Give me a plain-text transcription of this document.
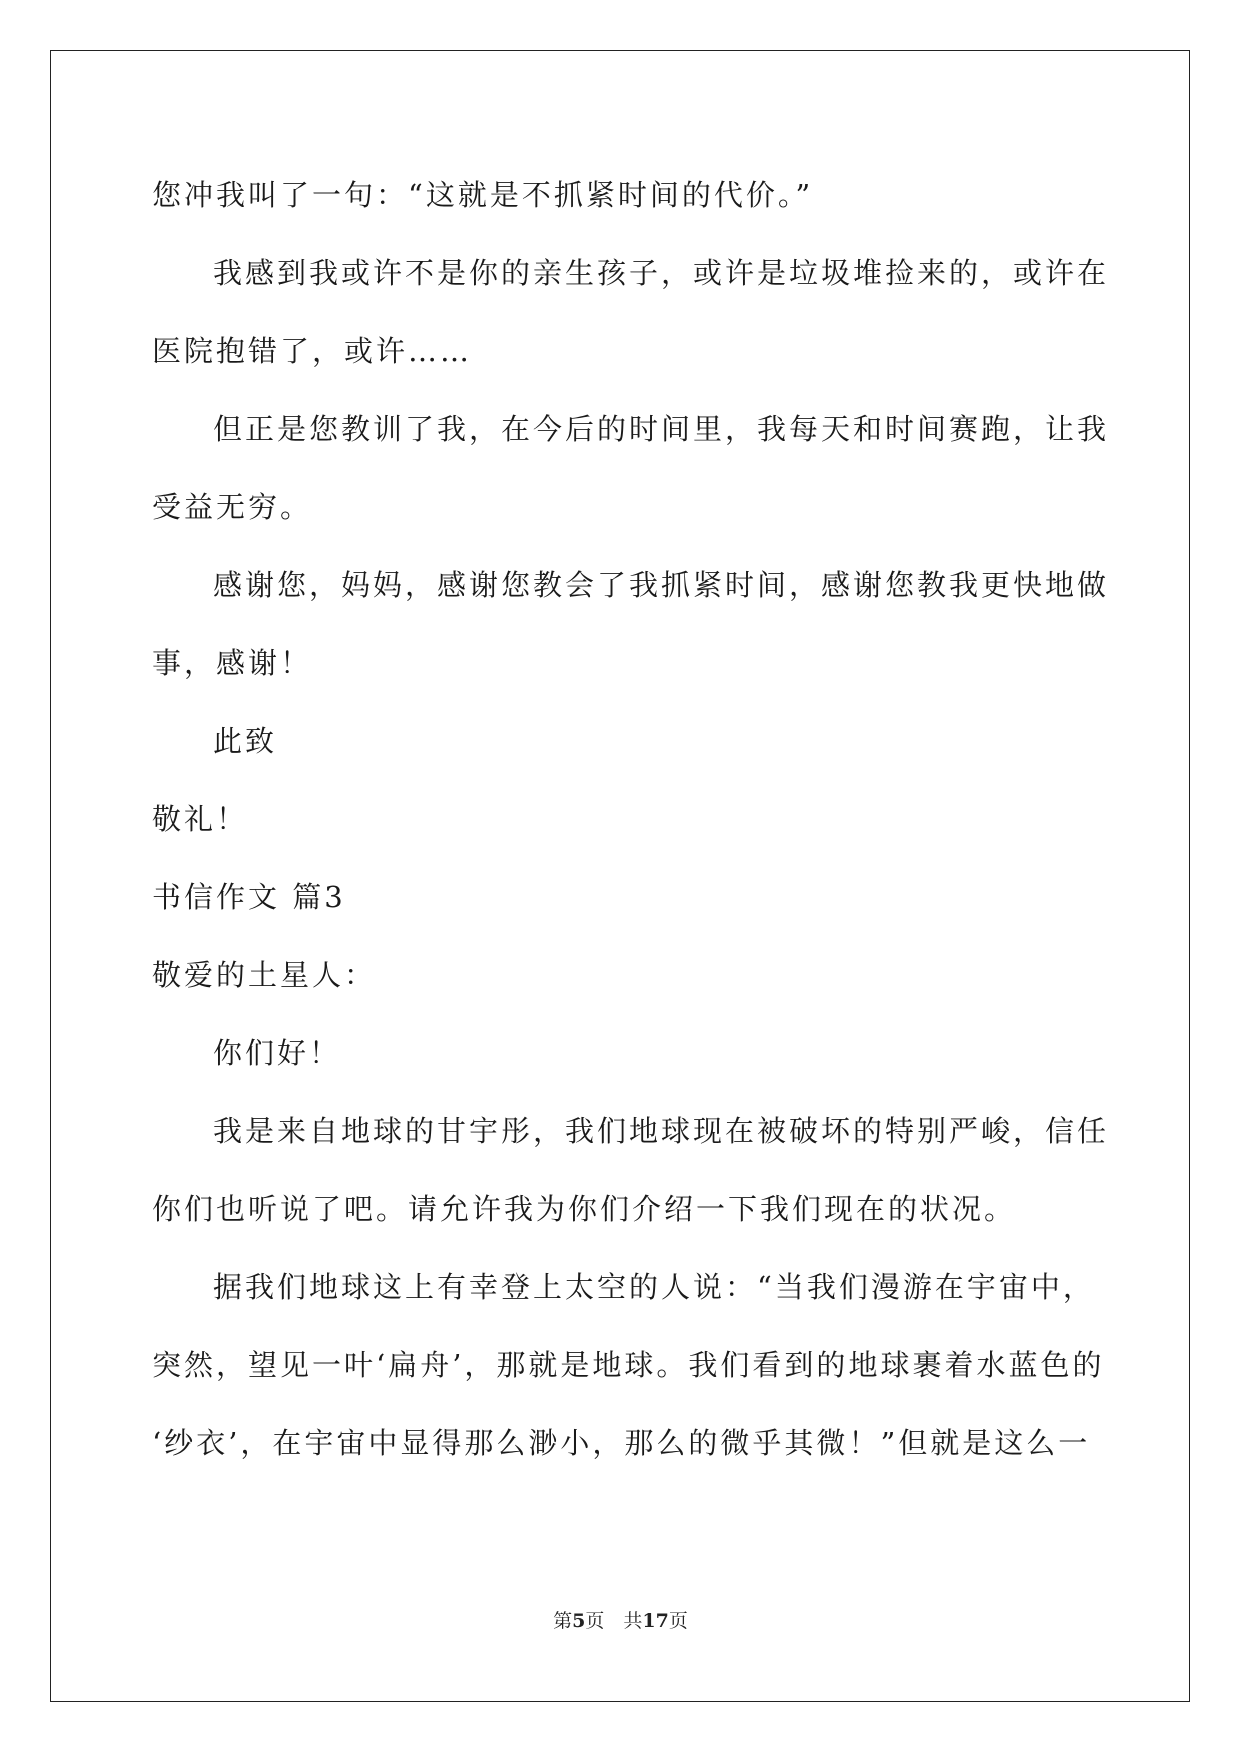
您冲我叫了一句：“这就是不抓紧时间的代价。”
我感到我或许不是你的亲生孩子，或许是垃圾堆捡来的，或许在
医院抱错了，或许……
但正是您教训了我，在今后的时间里，我每天和时间赛跑，让我
受益无穷。
感谢您，妈妈，感谢您教会了我抓紧时间，感谢您教我更快地做
事，感谢！
此致
敬礼！
书信作文 篇3
敬爱的土星人：
你们好！
我是来自地球的甘宇彤，我们地球现在被破坏的特别严峻，信任
你们也听说了吧。请允许我为你们介绍一下我们现在的状况。
据我们地球这上有幸登上太空的人说：“当我们漫游在宇宙中，
突然，望见一叶‘扁舟’，那就是地球。我们看到的地球裹着水蓝色的
‘纱衣’，在宇宙中显得那么渺小，那么的微乎其微！”但就是这么一
第5页　共17页
